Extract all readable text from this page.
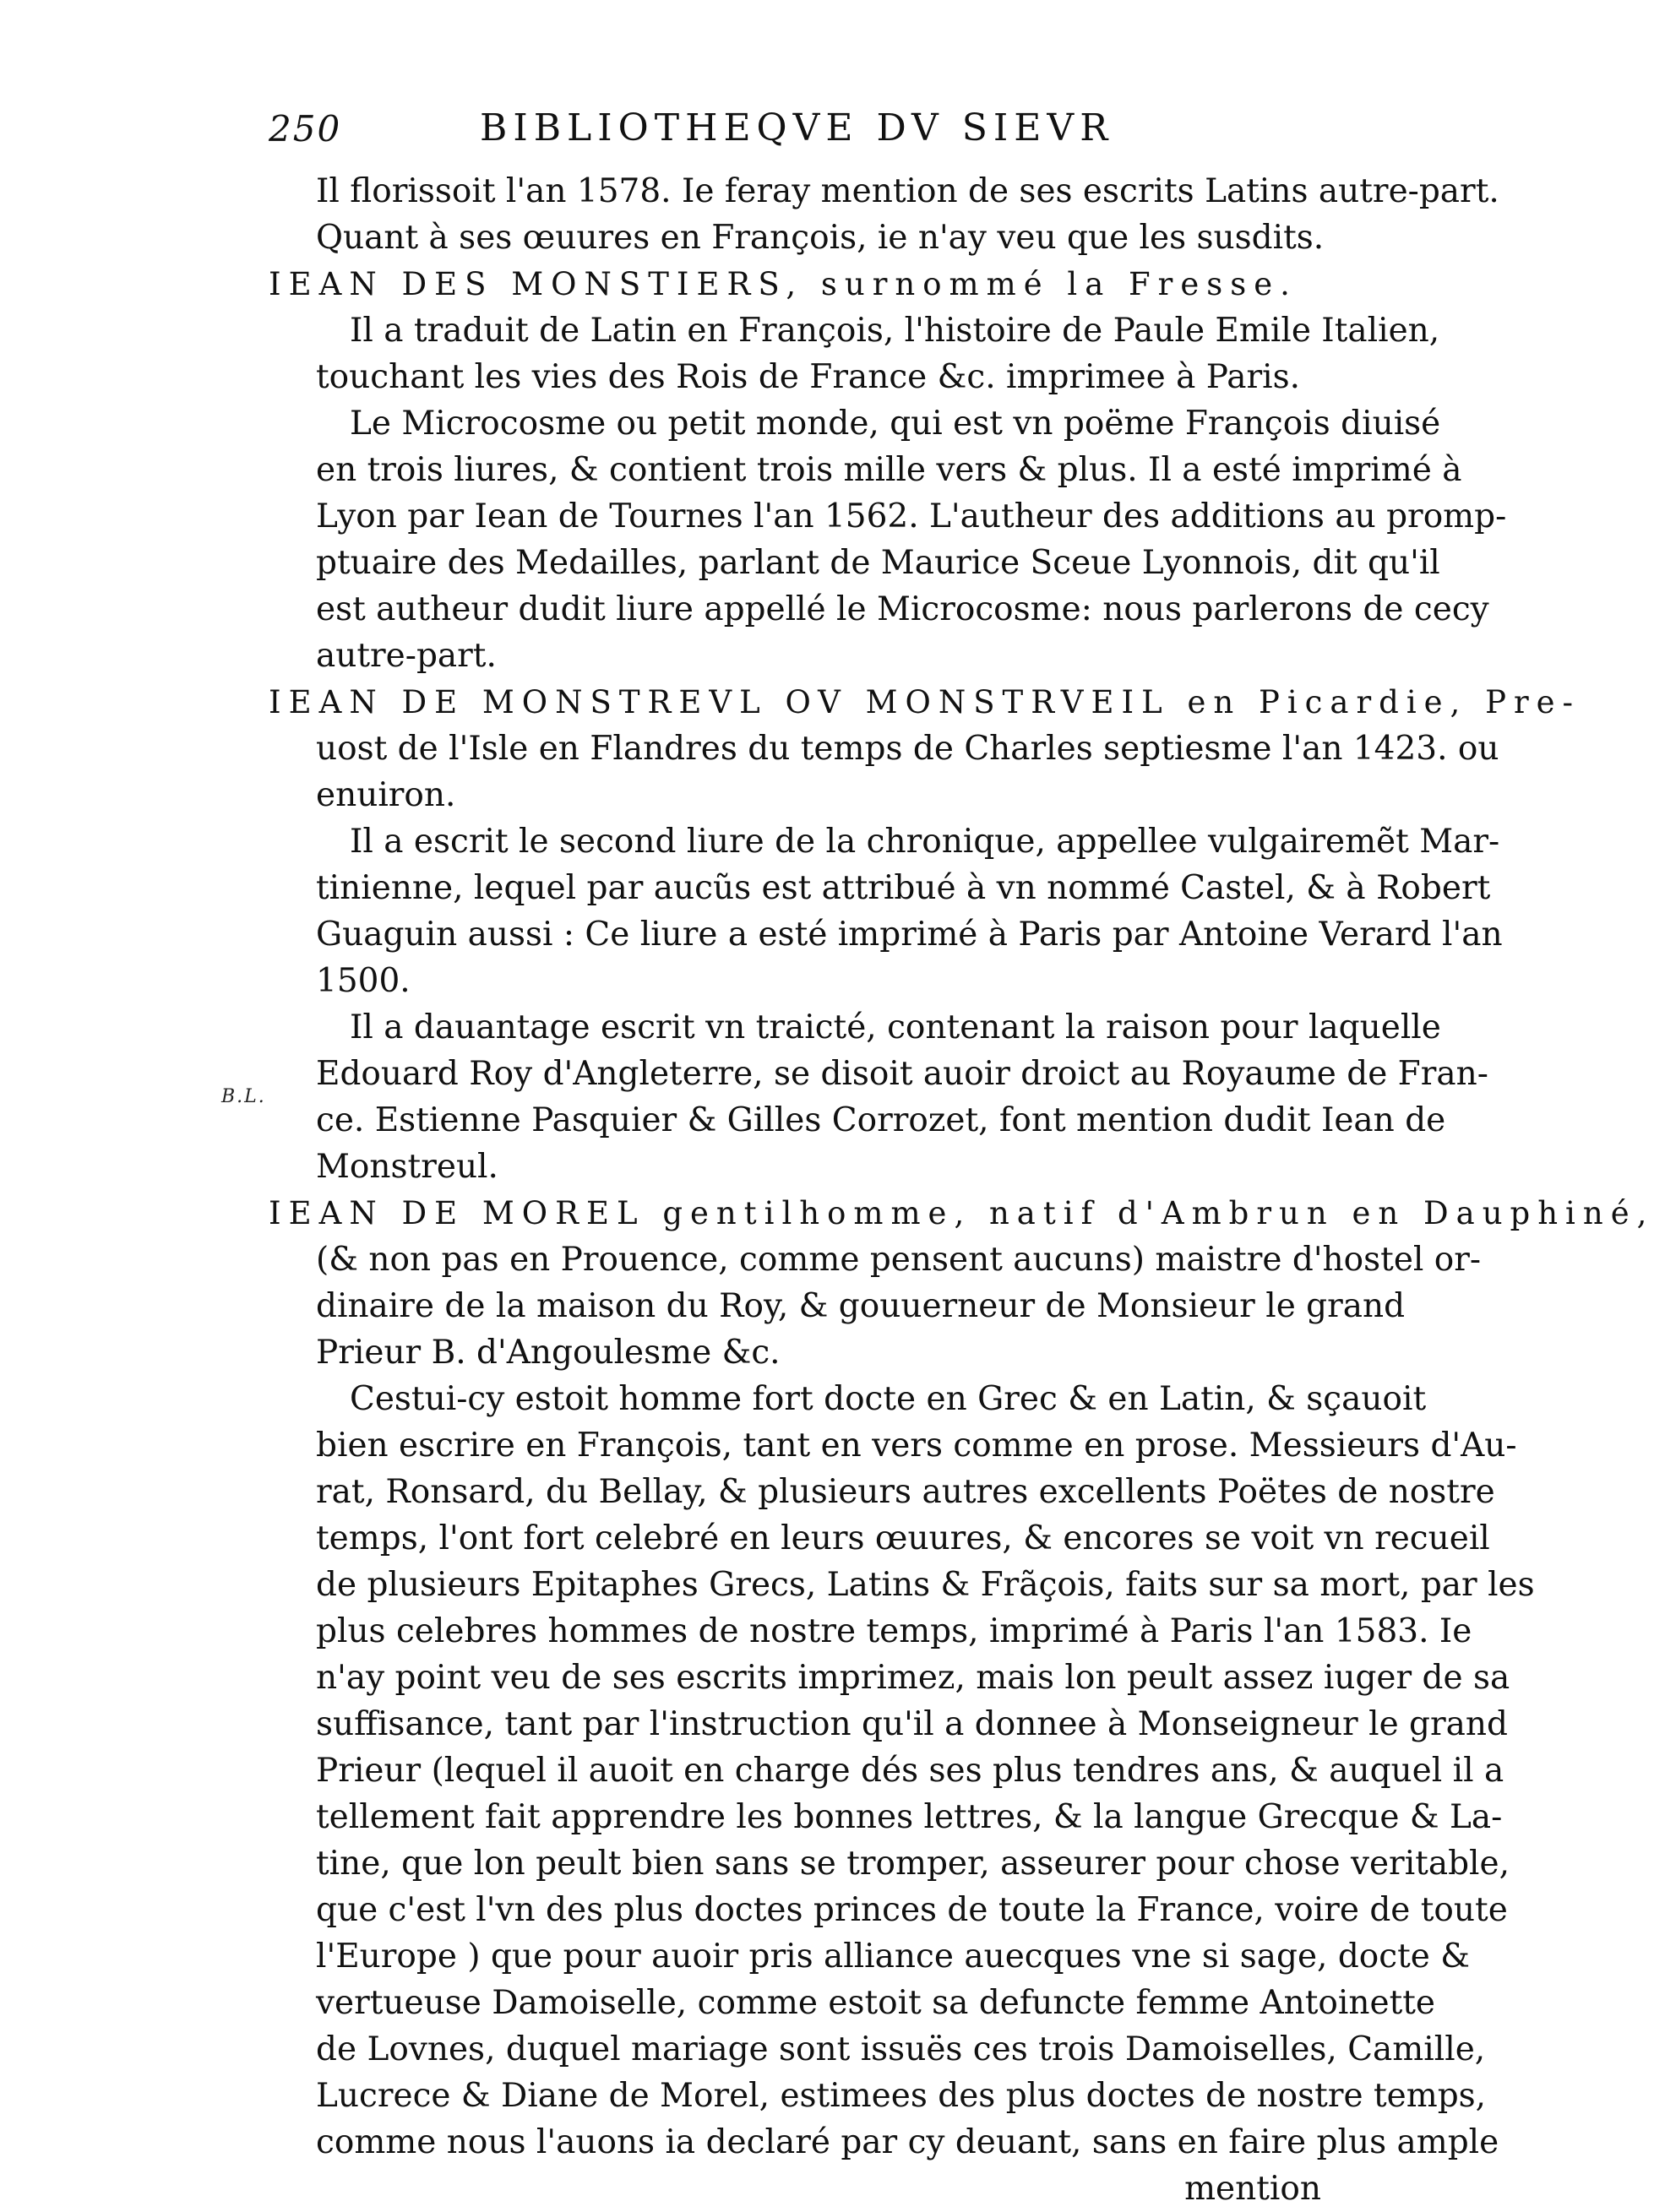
250	BIBLIOTHEQVE DV SIEVR
B.L.
Il florissoit l'an 1578. Ie feray mention de ses escrits Latins autre-part.
Quant à ses œuures en François, ie n'ay veu que les susdits.
IEAN DES MONSTIERS, surnommé la Fresse.
Il a traduit de Latin en François, l'histoire de Paule Emile Italien,
touchant les vies des Rois de France &c. imprimee à Paris.
Le Microcosme ou petit monde, qui est vn poëme François diuisé
en trois liures, & contient trois mille vers & plus. Il a esté imprimé à
Lyon par Iean de Tournes l'an 1562. L'autheur des additions au promp-
ptuaire des Medailles, parlant de Maurice Sceue Lyonnois, dit qu'il
est autheur dudit liure appellé le Microcosme: nous parlerons de cecy
autre-part.
IEAN DE MONSTREVL OV MONSTRVEIL en Picardie, Pre-
uost de l'Isle en Flandres du temps de Charles septiesme l'an 1423. ou
enuiron.
Il a escrit le second liure de la chronique, appellee vulgairemẽt Mar-
tinienne, lequel par aucũs est attribué à vn nommé Castel, & à Robert
Guaguin aussi : Ce liure a esté imprimé à Paris par Antoine Verard l'an
1500.
Il a dauantage escrit vn traicté, contenant la raison pour laquelle
Edouard Roy d'Angleterre, se disoit auoir droict au Royaume de Fran-
ce. Estienne Pasquier & Gilles Corrozet, font mention dudit Iean de
Monstreul.
IEAN DE MOREL gentilhomme, natif d'Ambrun en Dauphiné,
(& non pas en Prouence, comme pensent aucuns) maistre d'hostel or-
dinaire de la maison du Roy, & gouuerneur de Monsieur le grand
Prieur B. d'Angoulesme &c.
Cestui-cy estoit homme fort docte en Grec & en Latin, & sçauoit
bien escrire en François, tant en vers comme en prose. Messieurs d'Au-
rat, Ronsard, du Bellay, & plusieurs autres excellents Poëtes de nostre
temps, l'ont fort celebré en leurs œuures, & encores se voit vn recueil
de plusieurs Epitaphes Grecs, Latins & Frãçois, faits sur sa mort, par les
plus celebres hommes de nostre temps, imprimé à Paris l'an 1583. Ie
n'ay point veu de ses escrits imprimez, mais lon peult assez iuger de sa
suffisance, tant par l'instruction qu'il a donnee à Monseigneur le grand
Prieur (lequel il auoit en charge dés ses plus tendres ans, & auquel il a
tellement fait apprendre les bonnes lettres, & la langue Grecque & La-
tine, que lon peult bien sans se tromper, asseurer pour chose veritable,
que c'est l'vn des plus doctes princes de toute la France, voire de toute
l'Europe ) que pour auoir pris alliance auecques vne si sage, docte &
vertueuse Damoiselle, comme estoit sa defuncte femme Antoinette
de Lovnes, duquel mariage sont issuës ces trois Damoiselles, Camille,
Lucrece & Diane de Morel, estimees des plus doctes de nostre temps,
comme nous l'auons ia declaré par cy deuant, sans en faire plus ample
mention
